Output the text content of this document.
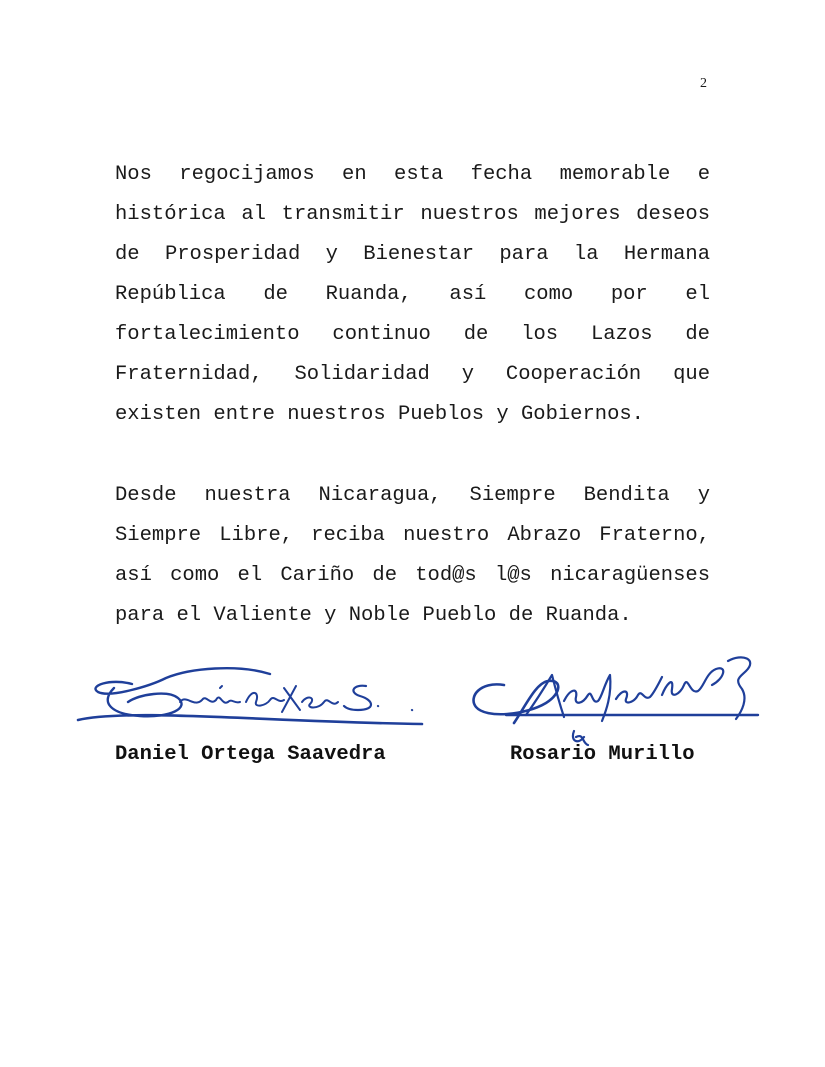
2
Nos regocijamos en esta fecha memorable e
histórica al transmitir nuestros mejores deseos
de Prosperidad y Bienestar para la Hermana
República de Ruanda, así como por el
fortalecimiento continuo de los Lazos de
Fraternidad, Solidaridad y Cooperación que
existen entre nuestros Pueblos y Gobiernos.
Desde nuestra Nicaragua, Siempre Bendita y
Siempre Libre, reciba nuestro Abrazo Fraterno,
así como el Cariño de tod@s l@s nicaragüenses
para el Valiente y Noble Pueblo de Ruanda.
Daniel Ortega Saavedra	Rosario Murillo
